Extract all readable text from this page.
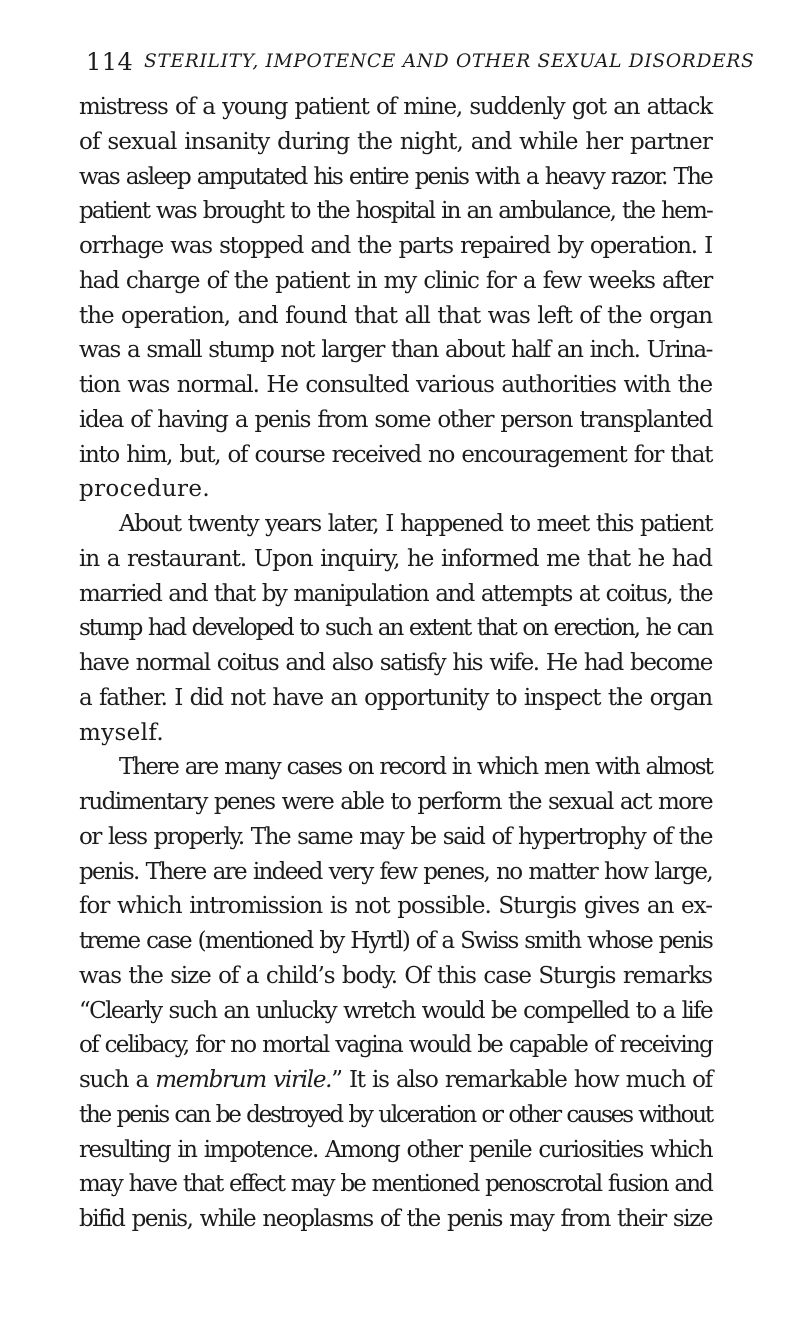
114 STERILITY, IMPOTENCE AND OTHER SEXUAL DISORDERS
mistress of a young patient of mine, suddenly got an attack
of sexual insanity during the night, and while her partner
was asleep amputated his entire penis with a heavy razor. The
patient was brought to the hospital in an ambulance, the hem-
orrhage was stopped and the parts repaired by operation. I
had charge of the patient in my clinic for a few weeks after
the operation, and found that all that was left of the organ
was a small stump not larger than about half an inch. Urina-
tion was normal. He consulted various authorities with the
idea of having a penis from some other person transplanted
into him, but, of course received no encouragement for that
procedure.
About twenty years later, I happened to meet this patient
in a restaurant. Upon inquiry, he informed me that he had
married and that by manipulation and attempts at coitus, the
stump had developed to such an extent that on erection, he can
have normal coitus and also satisfy his wife. He had become
a father. I did not have an opportunity to inspect the organ
myself.
There are many cases on record in which men with almost
rudimentary penes were able to perform the sexual act more
or less properly. The same may be said of hypertrophy of the
penis. There are indeed very few penes, no matter how large,
for which intromission is not possible. Sturgis gives an ex-
treme case (mentioned by Hyrtl) of a Swiss smith whose penis
was the size of a child’s body. Of this case Sturgis remarks
“Clearly such an unlucky wretch would be compelled to a life
of celibacy, for no mortal vagina would be capable of receiving
such a membrum virile.” It is also remarkable how much of
the penis can be destroyed by ulceration or other causes without
resulting in impotence. Among other penile curiosities which
may have that effect may be mentioned penoscrotal fusion and
bifid penis, while neoplasms of the penis may from their size
